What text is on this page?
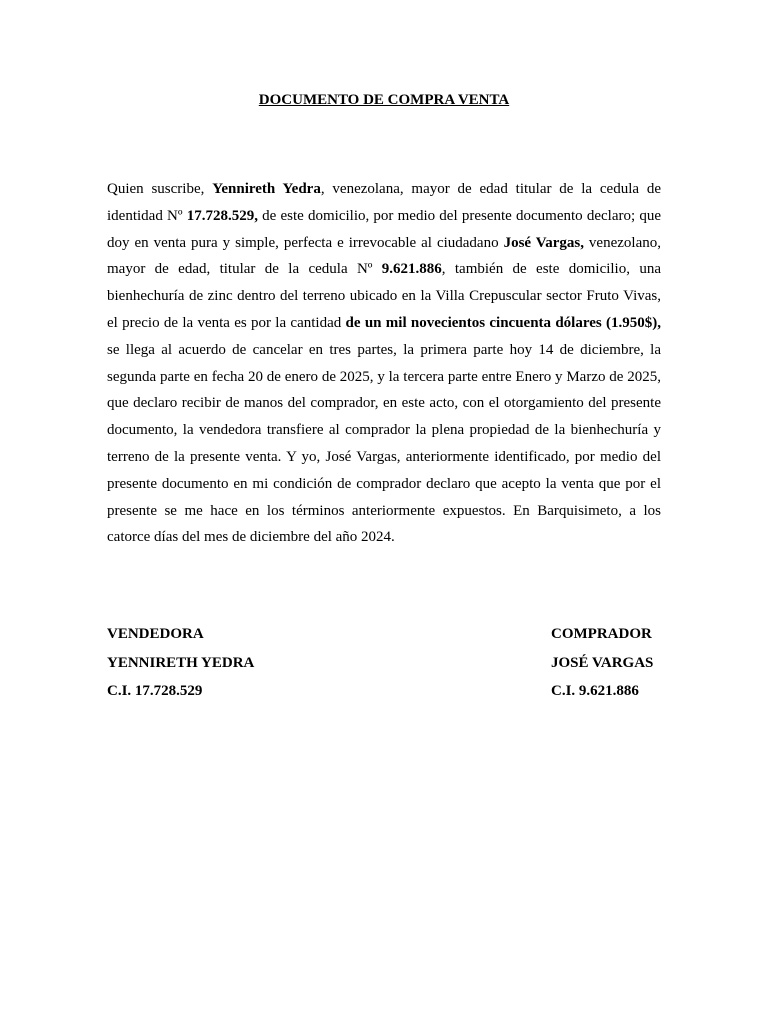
DOCUMENTO DE COMPRA VENTA
Quien suscribe, Yennireth Yedra, venezolana, mayor de edad titular de la cedula de identidad Nº 17.728.529, de este domicilio, por medio del presente documento declaro; que doy en venta pura y simple, perfecta e irrevocable al ciudadano José Vargas, venezolano, mayor de edad, titular de la cedula Nº 9.621.886, también de este domicilio, una bienhechuría de zinc dentro del terreno ubicado en la Villa Crepuscular sector Fruto Vivas, el precio de la venta es por la cantidad de un mil novecientos cincuenta dólares (1.950$), se llega al acuerdo de cancelar en tres partes, la primera parte hoy 14 de diciembre, la segunda parte en fecha 20 de enero de 2025, y la tercera parte entre Enero y Marzo de 2025, que declaro recibir de manos del comprador, en este acto, con el otorgamiento del presente documento, la vendedora transfiere al comprador la plena propiedad de la bienhechuría y terreno de la presente venta. Y yo, José Vargas, anteriormente identificado, por medio del presente documento en mi condición de comprador declaro que acepto la venta que por el presente se me hace en los términos anteriormente expuestos. En Barquisimeto, a los catorce días del mes de diciembre del año 2024.
VENDEDORA
YENNIRETH YEDRA
C.I. 17.728.529
COMPRADOR
JOSÉ VARGAS
C.I. 9.621.886
